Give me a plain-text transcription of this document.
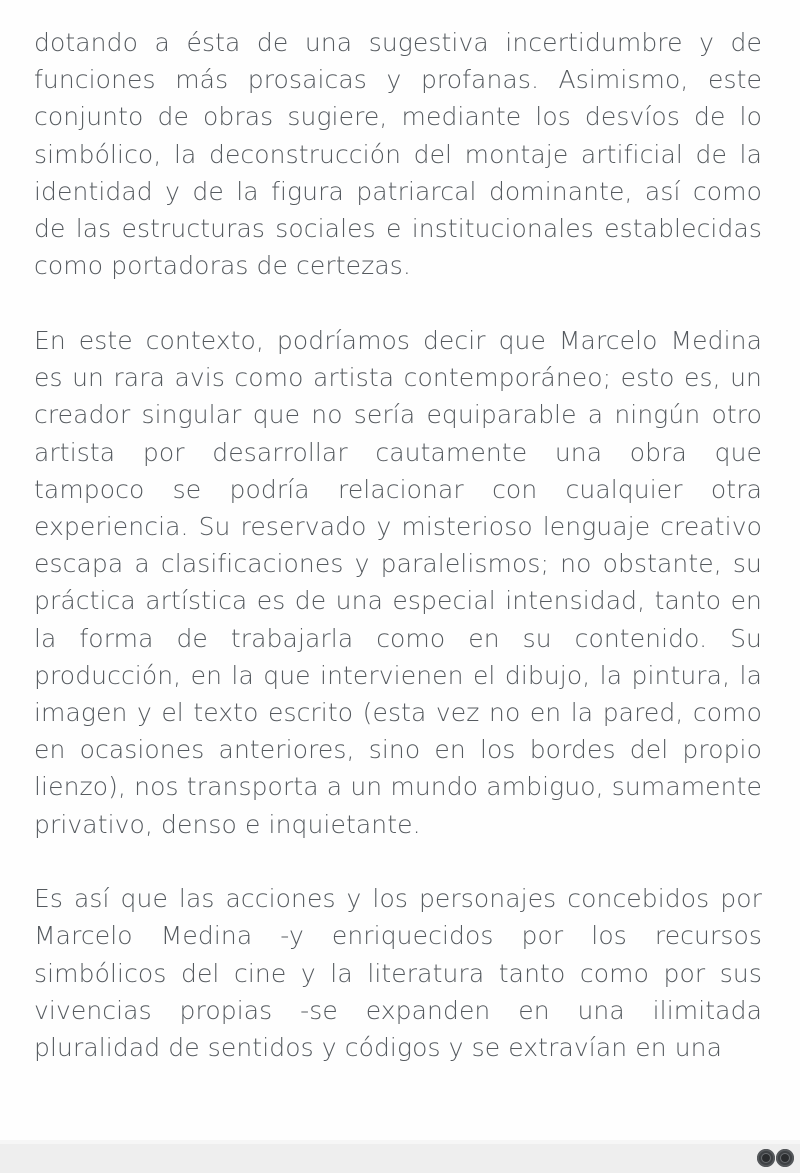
dotando a ésta de una sugestiva incertidumbre y de funciones más prosaicas y profanas. Asimismo, este conjunto de obras sugiere, mediante los desvíos de lo simbólico, la deconstrucción del montaje artificial de la identidad y de la figura patriarcal dominante, así como de las estructuras sociales e institucionales establecidas como portadoras de certezas.

En este contexto, podríamos decir que Marcelo Medina es un rara avis como artista contemporáneo; esto es, un creador singular que no sería equiparable a ningún otro artista por desarrollar cautamente una obra que tampoco se podría relacionar con cualquier otra experiencia. Su reservado y misterioso lenguaje creativo escapa a clasificaciones y paralelismos; no obstante, su práctica artística es de una especial intensidad, tanto en la forma de trabajarla como en su contenido. Su producción, en la que intervienen el dibujo, la pintura, la imagen y el texto escrito (esta vez no en la pared, como en ocasiones anteriores, sino en los bordes del propio lienzo), nos transporta a un mundo ambiguo, sumamente privativo, denso e inquietante.

Es así que las acciones y los personajes concebidos por Marcelo Medina -y enriquecidos por los recursos simbólicos del cine y la literatura tanto como por sus vivencias propias -se expanden en una ilimitada pluralidad de sentidos y códigos y se extravían en una
